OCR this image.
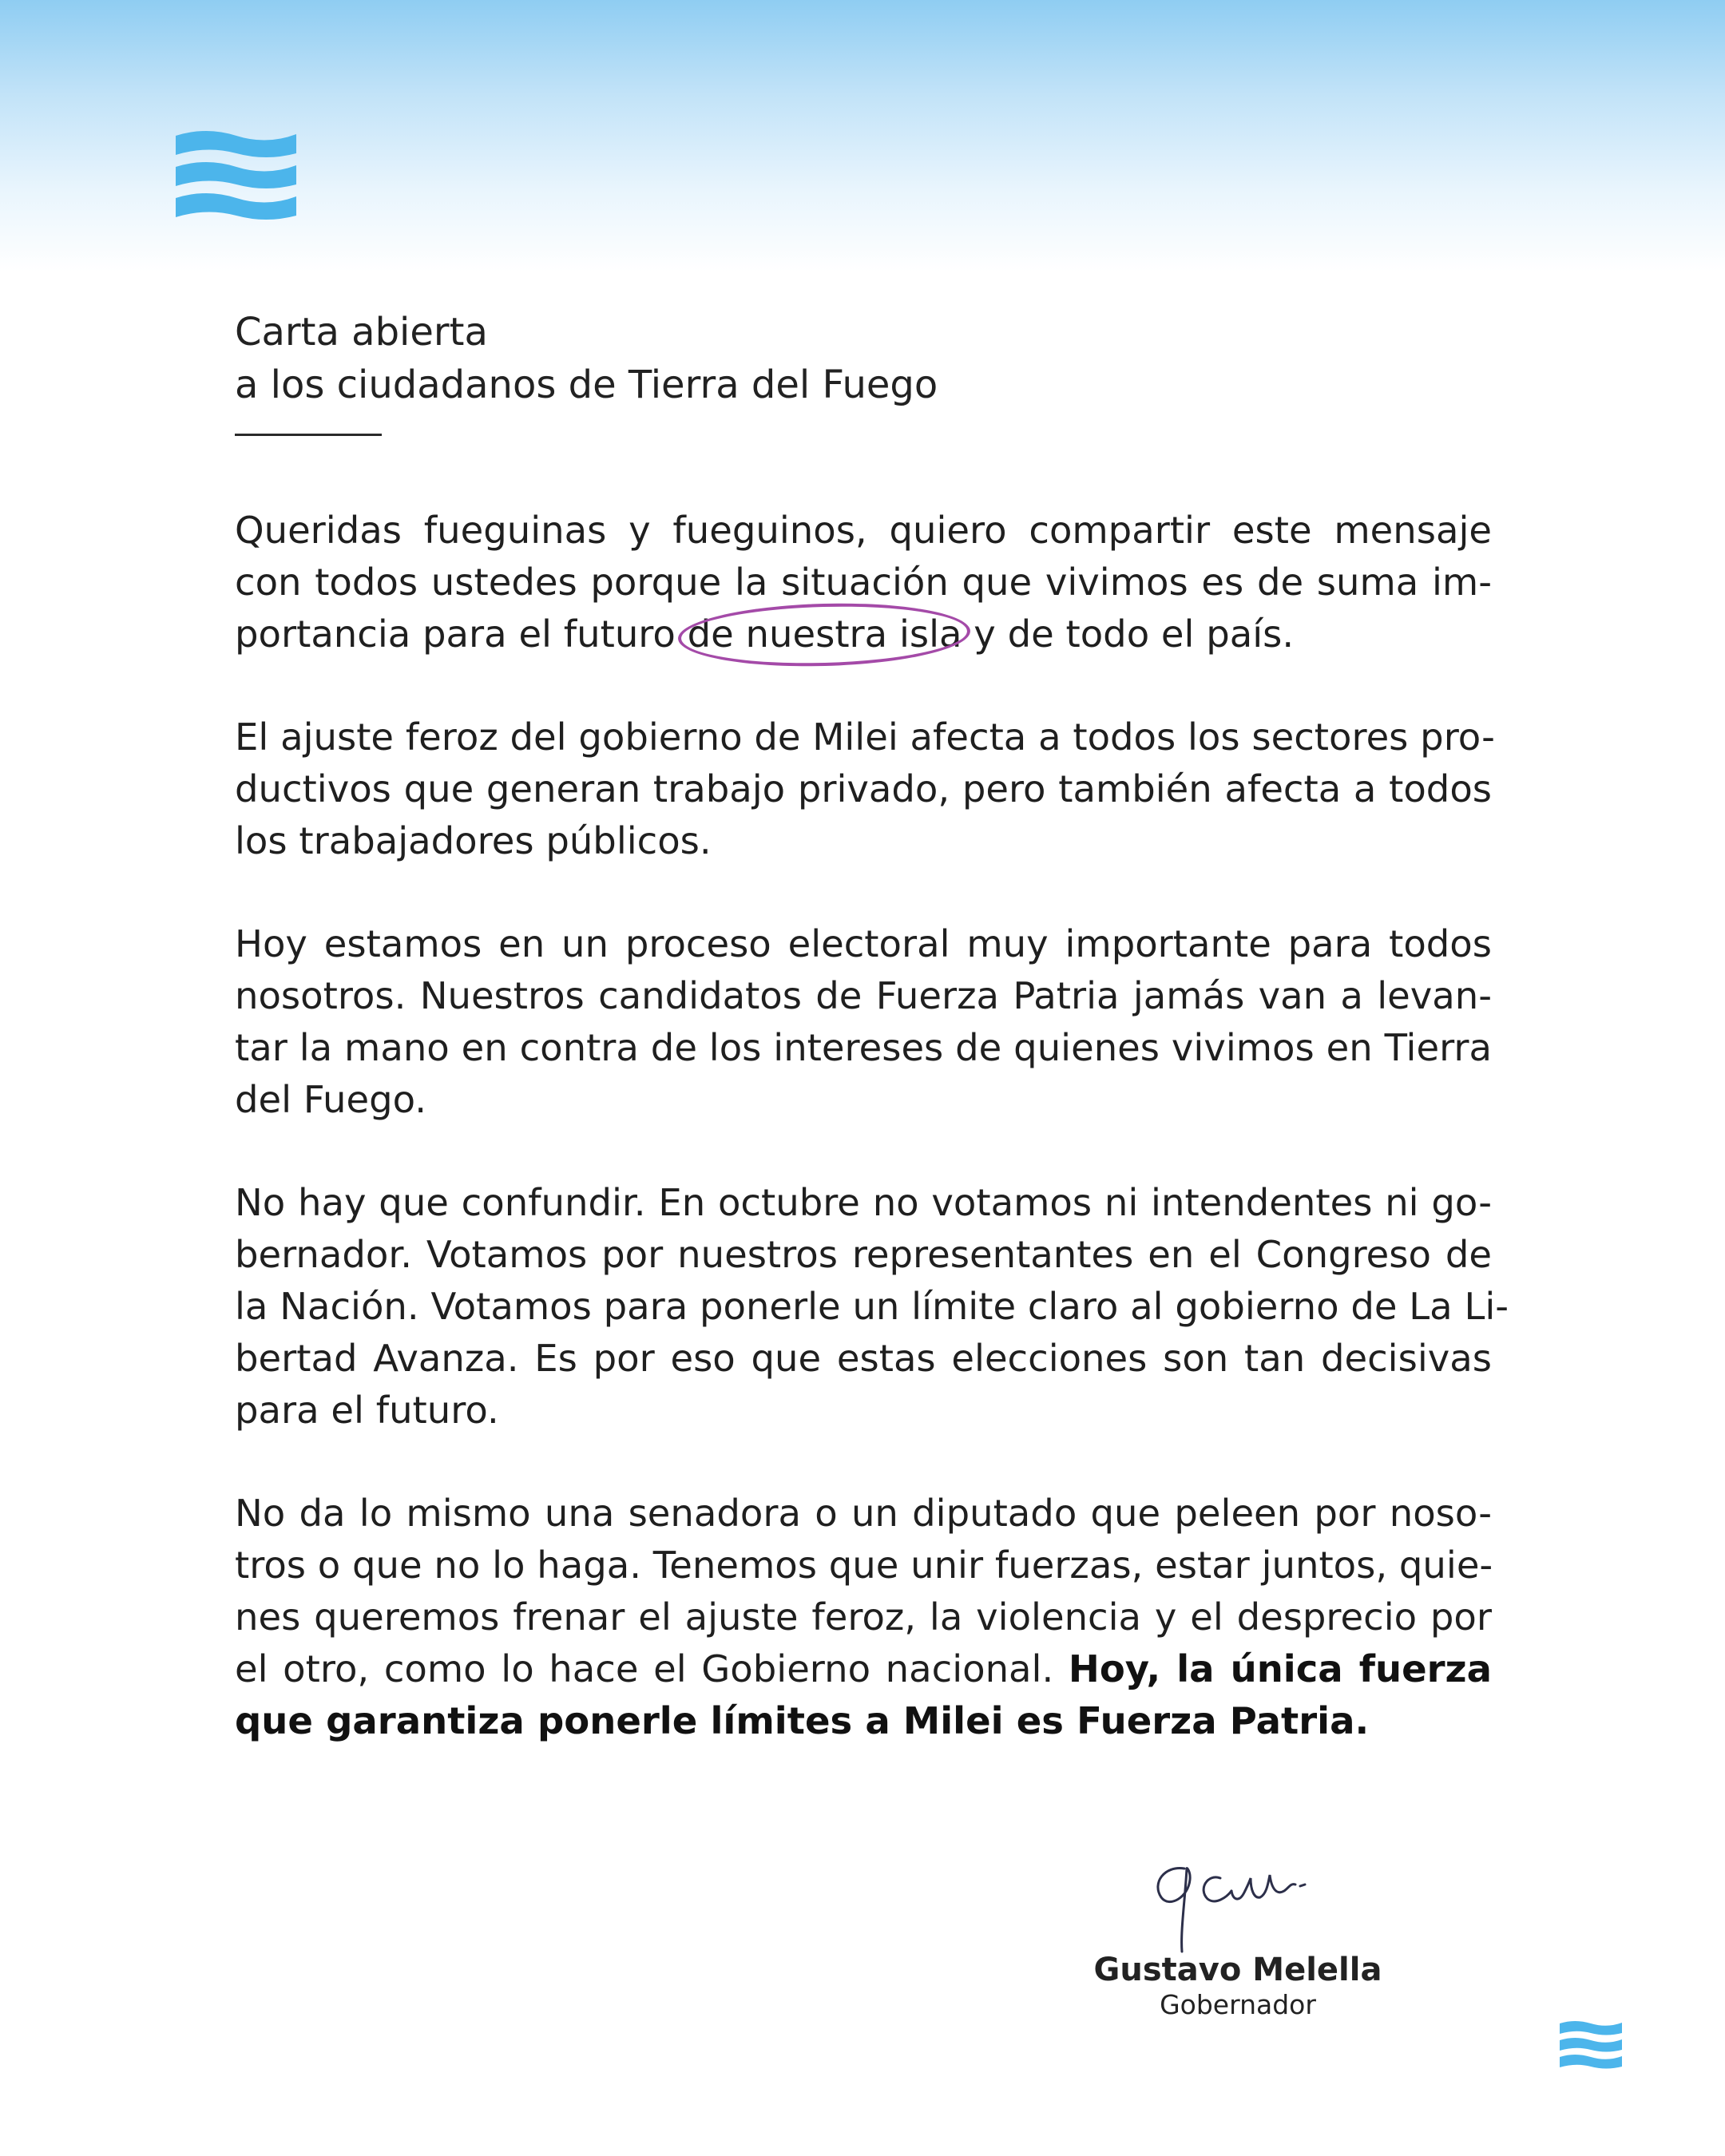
Carta abierta
a los ciudadanos de Tierra del Fuego
Queridas fueguinas y fueguinos, quiero compartir este mensaje
con todos ustedes porque la situación que vivimos es de suma im-
portancia para el futuro
de nuestra isla y de todo el país.
El ajuste feroz del gobierno de Milei afecta a todos los sectores pro-
ductivos que generan trabajo privado, pero también afecta a todos
los trabajadores públicos.
Hoy estamos en un proceso electoral muy importante para todos
nosotros. Nuestros candidatos de Fuerza Patria jamás van a levan-
tar la mano en contra de los intereses de quienes vivimos en Tierra
del Fuego.
No hay que confundir. En octubre no votamos ni intendentes ni go-
bernador. Votamos por nuestros representantes en el Congreso de
la Nación. Votamos para ponerle un límite claro al gobierno de La Li-
bertad Avanza. Es por eso que estas elecciones son tan decisivas
para el futuro.
No da lo mismo una senadora o un diputado que peleen por noso-
tros o que no lo haga. Tenemos que unir fuerzas, estar juntos, quie-
nes queremos frenar el ajuste feroz, la violencia y el desprecio por
el otro, como lo hace el Gobierno nacional. Hoy, la única fuerza
que garantiza ponerle límites a Milei es Fuerza Patria.
Gustavo Melella
Gobernador
